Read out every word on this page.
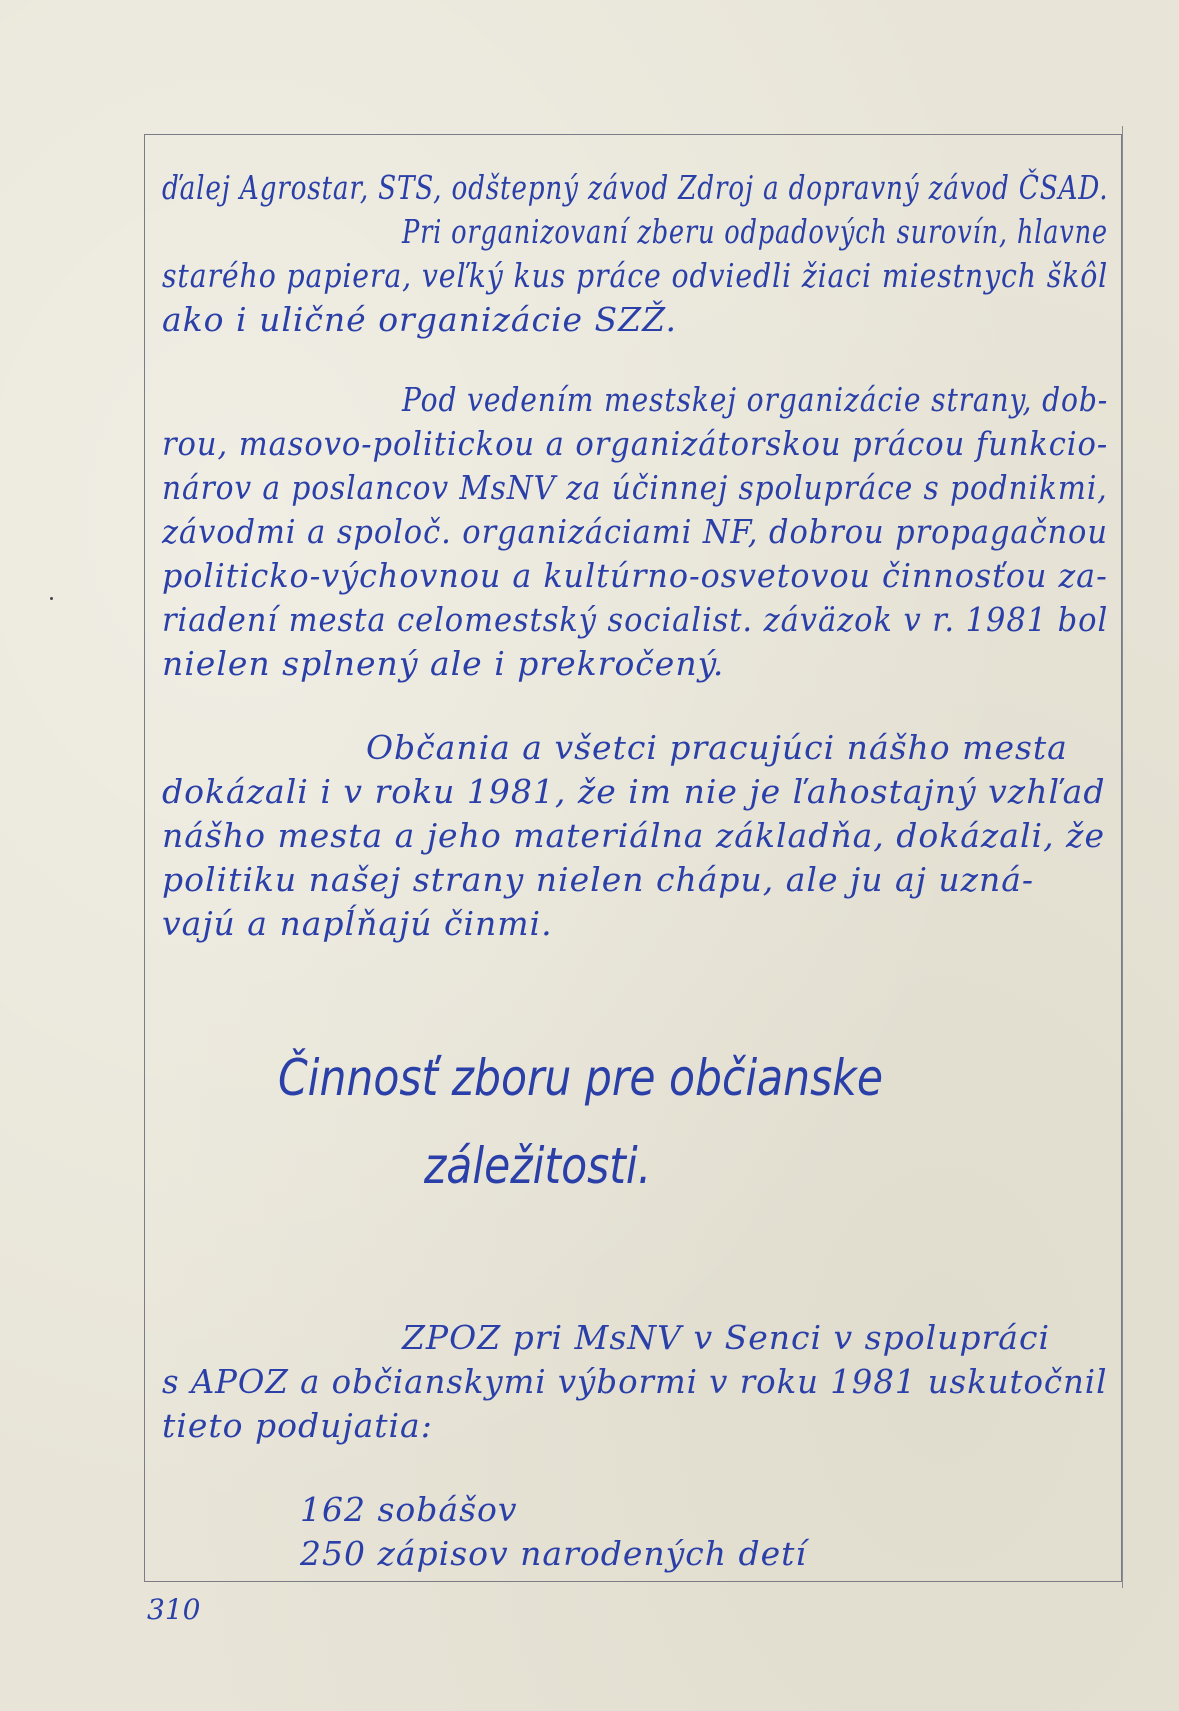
ďalej Agrostar, STS, odštepný závod Zdroj a dopravný závod ČSAD.
Pri organizovaní zberu odpadových surovín, hlavne
starého papiera, veľký kus práce odviedli žiaci miestnych škôl
ako i uličné organizácie SZŽ.
Pod vedením mestskej organizácie strany, dob-
rou, masovo-politickou a organizátorskou prácou funkcio-
nárov a poslancov MsNV za účinnej spolupráce s podnikmi,
závodmi a spoloč. organizáciami NF, dobrou propagačnou
politicko-výchovnou a kultúrno-osvetovou činnosťou za-
riadení mesta celomestský socialist. záväzok v r. 1981 bol
nielen splnený ale i prekročený.
Občania a všetci pracujúci nášho mesta
dokázali i v roku 1981, že im nie je ľahostajný vzhľad
nášho mesta a jeho materiálna základňa, dokázali, že
politiku našej strany nielen chápu, ale ju aj uzná-
vajú a napĺňajú činmi.
Činnosť zboru pre občianske
záležitosti.
ZPOZ pri MsNV v Senci v spolupráci
s APOZ a občianskymi výbormi v roku 1981 uskutočnil
tieto podujatia:
162 sobášov
250 zápisov narodených detí
310
